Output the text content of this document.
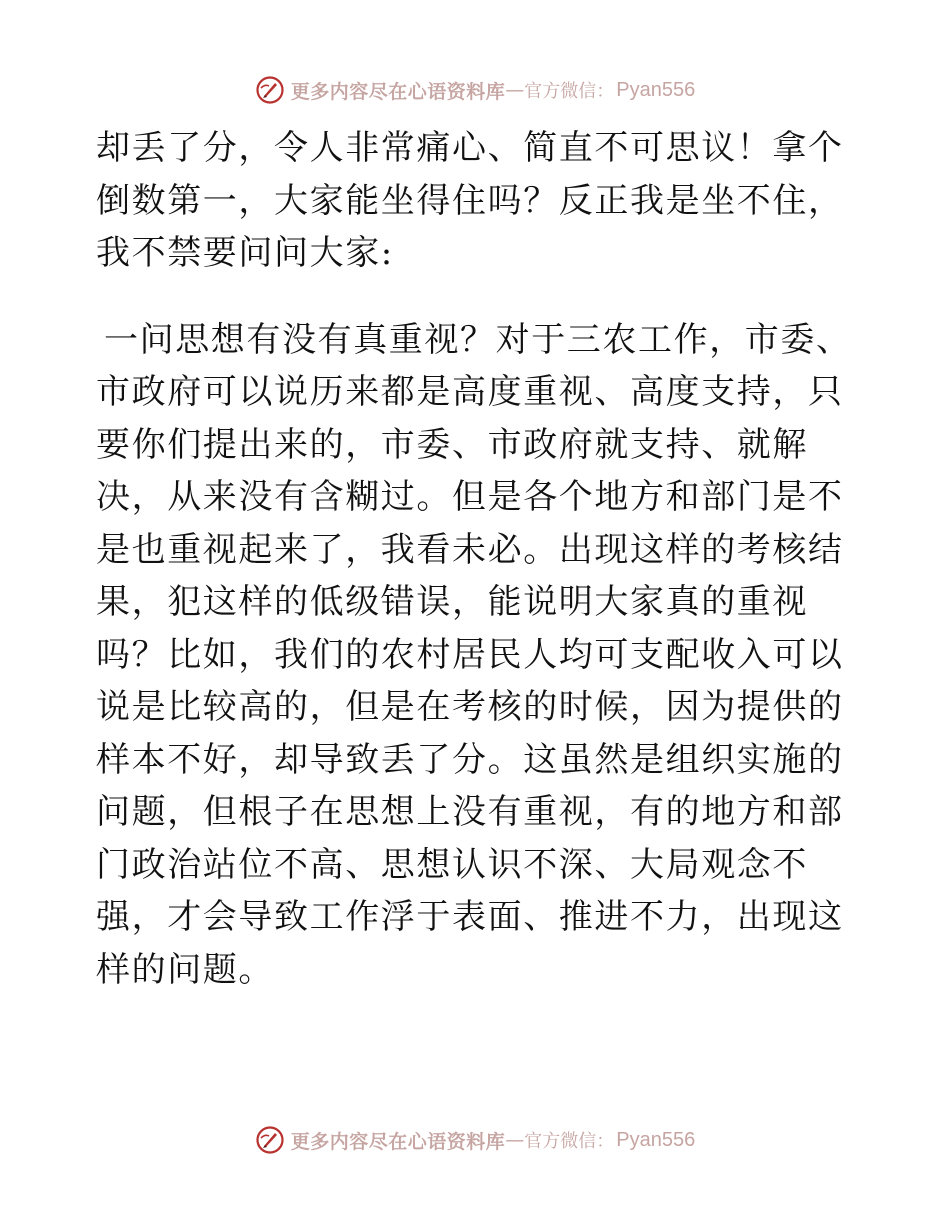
更多内容尽在心语资料库 — 官方微信： Pyan556

却丢了分，令人非常痛心、简直不可思议！拿个倒数第一，大家能坐得住吗？反正我是坐不住，我不禁要问问大家:

一问思想有没有真重视？对于三农工作，市委、市政府可以说历来都是高度重视、高度支持，只要你们提出来的，市委、市政府就支持、就解决，从来没有含糊过。但是各个地方和部门是不是也重视起来了，我看未必。出现这样的考核结果，犯这样的低级错误，能说明大家真的重视吗？比如，我们的农村居民人均可支配收入可以说是比较高的，但是在考核的时候，因为提供的样本不好，却导致丢了分。这虽然是组织实施的问题，但根子在思想上没有重视，有的地方和部门政治站位不高、思想认识不深、大局观念不强，才会导致工作浮于表面、推进不力，出现这样的问题。

更多内容尽在心语资料库 — 官方微信： Pyan556
